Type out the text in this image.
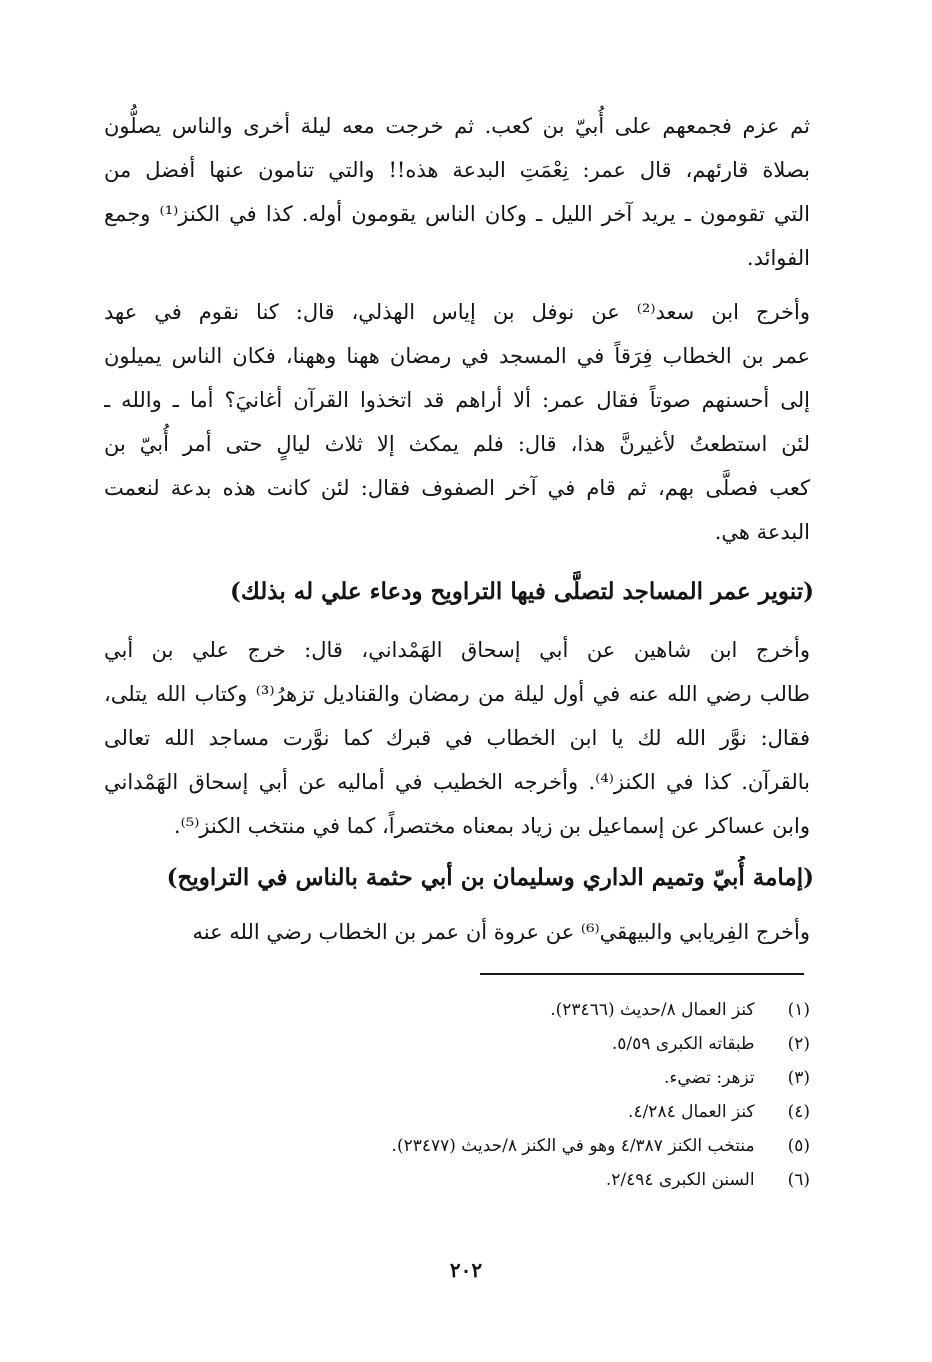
ثم عزم فجمعهم على أُبيّ بن كعب. ثم خرجت معه ليلة أخرى والناس يصلُّون
بصلاة قارئهم، قال عمر: نِعْمَتِ البدعة هذه!! والتي تنامون عنها أفضل من
التي تقومون ـ يريد آخر الليل ـ وكان الناس يقومون أوله. كذا في الكنز⁽¹⁾ وجمع
الفوائد.
وأخرج ابن سعد⁽²⁾ عن نوفل بن إياس الهذلي، قال: كنا نقوم في عهد
عمر بن الخطاب فِرَقاً في المسجد في رمضان ههنا وههنا، فكان الناس يميلون
إلى أحسنهم صوتاً فقال عمر: ألا أراهم قد اتخذوا القرآن أغانيَ؟ أما ـ والله ـ
لئن استطعتُ لأغيرنَّ هذا، قال: فلم يمكث إلا ثلاث ليالٍ حتى أمر أُبيّ بن
كعب فصلَّى بهم، ثم قام في آخر الصفوف فقال: لئن كانت هذه بدعة لنعمت
البدعة هي.
(تنوير عمر المساجد لتصلَّى فيها التراويح ودعاء علي له بذلك)
وأخرج ابن شاهين عن أبي إسحاق الهَمْداني، قال: خرج علي بن أبي
طالب رضي الله عنه في أول ليلة من رمضان والقناديل تزهرُ⁽³⁾ وكتاب الله يتلى،
فقال: نوَّر الله لك يا ابن الخطاب في قبرك كما نوَّرت مساجد الله تعالى
بالقرآن. كذا في الكنز⁽⁴⁾. وأخرجه الخطيب في أماليه عن أبي إسحاق الهَمْداني
وابن عساكر عن إسماعيل بن زياد بمعناه مختصراً، كما في منتخب الكنز⁽⁵⁾.
(إمامة أُبيّ وتميم الداري وسليمان بن أبي حثمة بالناس في التراويح)
وأخرج الفِريابي والبيهقي⁽⁶⁾ عن عروة أن عمر بن الخطاب رضي الله عنه
(١) كنز العمال ٨/حديث (٢٣٤٦٦).
(٢) طبقاته الكبرى ٥/٥٩.
(٣) تزهر: تضيء.
(٤) كنز العمال ٤/٢٨٤.
(٥) منتخب الكنز ٤/٣٨٧ وهو في الكنز ٨/حديث (٢٣٤٧٧).
(٦) السنن الكبرى ٢/٤٩٤.
٢٠٢
